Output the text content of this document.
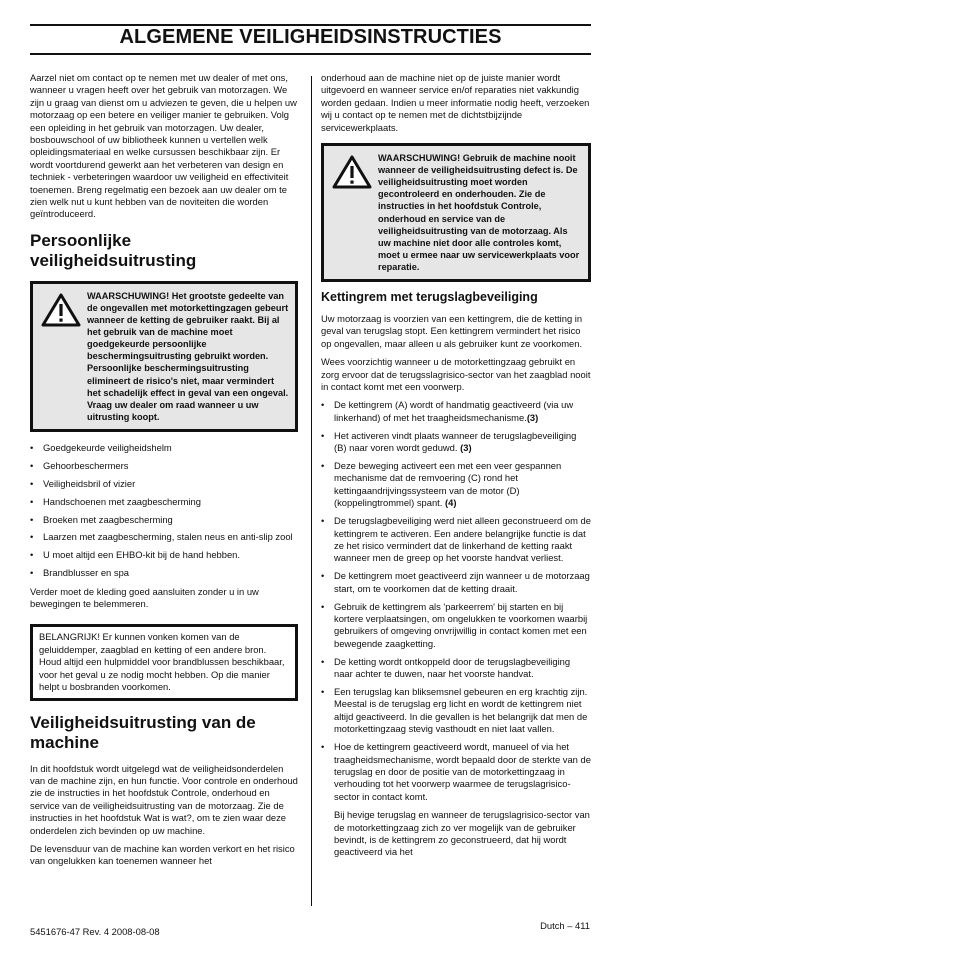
ALGEMENE VEILIGHEIDSINSTRUCTIES

Aarzel niet om contact op te nemen met uw dealer of met ons, wanneer u vragen heeft over het gebruik van motorzagen. We zijn u graag van dienst om u adviezen te geven, die u helpen uw motorzaag op een betere en veiliger manier te gebruiken. Volg een opleiding in het gebruik van motorzagen. Uw dealer, bosbouwschool of uw bibliotheek kunnen u vertellen welk opleidingsmateriaal en welke cursussen beschikbaar zijn. Er wordt voortdurend gewerkt aan het verbeteren van design en techniek - verbeteringen waardoor uw veiligheid en effectiviteit toenemen. Breng regelmatig een bezoek aan uw dealer om te zien welk nut u kunt hebben van de noviteiten die worden geïntroduceerd.

Persoonlijke veiligheidsuitrusting
WAARSCHUWING! Het grootste gedeelte van de ongevallen met motorkettingzagen gebeurt wanneer de ketting de gebruiker raakt. Bij al het gebruik van de machine moet goedgekeurde persoonlijke beschermingsuitrusting gebruikt worden. Persoonlijke beschermingsuitrusting elimineert de risico's niet, maar vermindert het schadelijk effect in geval van een ongeval. Vraag uw dealer om raad wanneer u uw uitrusting koopt.
• Goedgekeurde veiligheidshelm
• Gehoorbeschermers
• Veiligheidsbril of vizier
• Handschoenen met zaagbescherming
• Broeken met zaagbescherming
• Laarzen met zaagbescherming, stalen neus en anti-slip zool
• U moet altijd een EHBO-kit bij de hand hebben.
• Brandblusser en spa

Verder moet de kleding goed aansluiten zonder u in uw bewegingen te belemmeren.

BELANGRIJK! Er kunnen vonken komen van de geluiddemper, zaagblad en ketting of een andere bron. Houd altijd een hulpmiddel voor brandblussen beschikbaar, voor het geval u ze nodig mocht hebben. Op die manier helpt u bosbranden voorkomen.
Veiligheidsuitrusting van de machine

In dit hoofdstuk wordt uitgelegd wat de veiligheidsonderdelen van de machine zijn, en hun functie. Voor controle en onderhoud zie de instructies in het hoofdstuk Controle, onderhoud en service van de veiligheidsuitrusting van de motorzaag. Zie de instructies in het hoofdstuk Wat is wat?, om te zien waar deze onderdelen zich bevinden op uw machine.

De levensduur van de machine kan worden verkort en het risico van ongelukken kan toenemen wanneer het

onderhoud aan de machine niet op de juiste manier wordt uitgevoerd en wanneer service en/of reparaties niet vakkundig worden gedaan. Indien u meer informatie nodig heeft, verzoeken wij u contact op te nemen met de dichtstbijzijnde servicewerkplaats.

WAARSCHUWING! Gebruik de machine nooit wanneer de veiligheidsuitrusting defect is. De veiligheidsuitrusting moet worden gecontroleerd en onderhouden. Zie de instructies in het hoofdstuk Controle, onderhoud en service van de veiligheidsuitrusting van de motorzaag. Als uw machine niet door alle controles komt, moet u ermee naar uw servicewerkplaats voor reparatie.
Kettingrem met terugslagbeveiliging

Uw motorzaag is voorzien van een kettingrem, die de ketting in geval van terugslag stopt. Een kettingrem vermindert het risico op ongevallen, maar alleen u als gebruiker kunt ze voorkomen.

Wees voorzichtig wanneer u de motorkettingzaag gebruikt en zorg ervoor dat de terugsslagrisico-sector van het zaagblad nooit in contact komt met een voorwerp.

• De kettingrem (A) wordt of handmatig geactiveerd (via uw linkerhand) of met het traagheidsmechanisme.(3)
• Het activeren vindt plaats wanneer de terugslagbeveiliging (B) naar voren wordt geduwd. (3)
• Deze beweging activeert een met een veer gespannen mechanisme dat de remvoering (C) rond het kettingaandrijvingssysteem van de motor (D) (koppelingtrommel) spant. (4)
• De terugslagbeveiliging werd niet alleen geconstrueerd om de kettingrem te activeren. Een andere belangrijke functie is dat ze het risico vermindert dat de linkerhand de ketting raakt wanneer men de greep op het voorste handvat verliest.
• De kettingrem moet geactiveerd zijn wanneer u de motorzaag start, om te voorkomen dat de ketting draait.
• Gebruik de kettingrem als 'parkeerrem' bij starten en bij kortere verplaatsingen, om ongelukken te voorkomen waarbij gebruikers of omgeving onvrijwillig in contact komen met een bewegende zaagketting.
• De ketting wordt ontkoppeld door de terugslagbeveiliging naar achter te duwen, naar het voorste handvat.
• Een terugslag kan bliksemsnel gebeuren en erg krachtig zijn. Meestal is de terugslag erg licht en wordt de kettingrem niet altijd geactiveerd. In die gevallen is het belangrijk dat men de motorkettingzaag stevig vasthoudt en niet laat vallen.
• Hoe de kettingrem geactiveerd wordt, manueel of via het traagheidsmechanisme, wordt bepaald door de sterkte van de terugslag en door de positie van de motorkettingzaag in verhouding tot het voorwerp waarmee de terugslagrisico-sector in contact komt.

Bij hevige terugslag en wanneer de terugslagrisico-sector van de motorkettingzaag zich zo ver mogelijk van de gebruiker bevindt, is de kettingrem zo geconstrueerd, dat hij wordt geactiveerd via het

5451676-47 Rev. 4 2008-08-08
Dutch – 411
